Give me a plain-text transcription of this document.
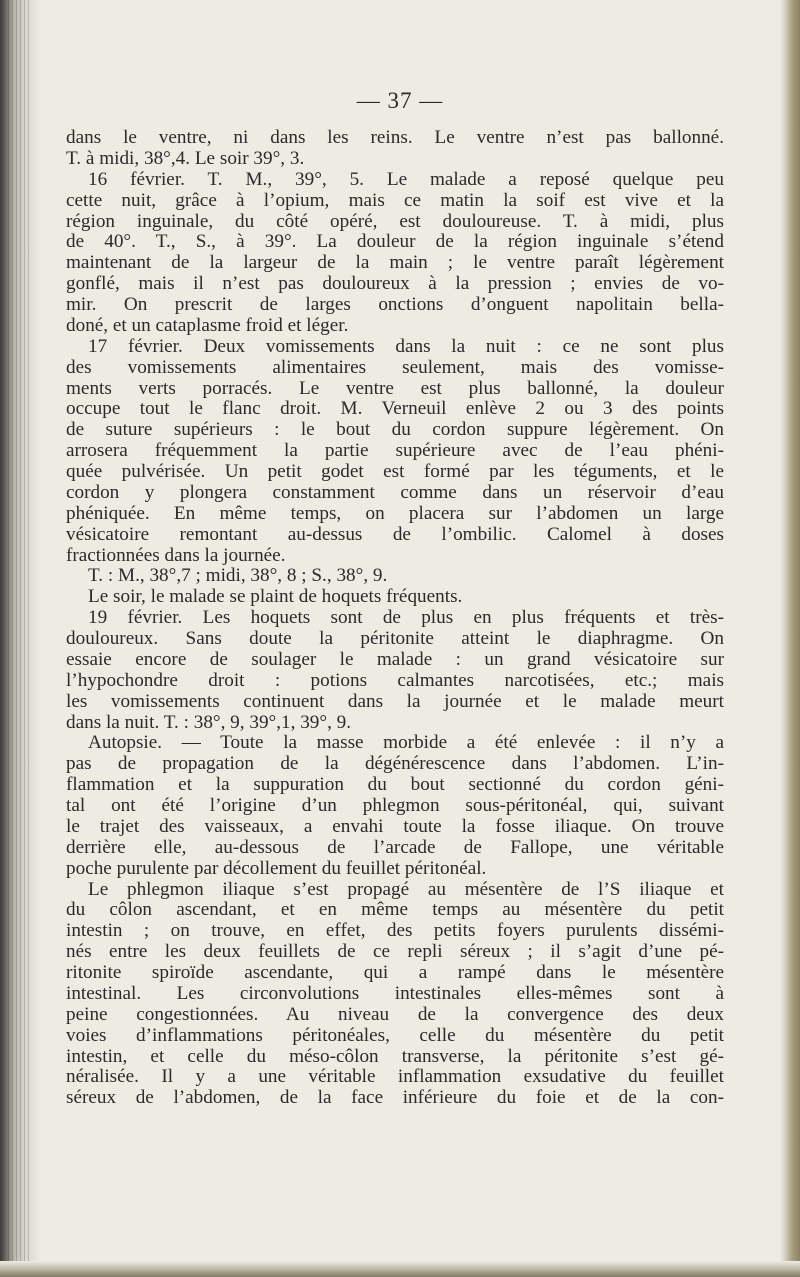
— 37 —
dans le ventre, ni dans les reins. Le ventre n’est pas ballonné.
T. à midi, 38°,4. Le soir 39°, 3.
16 février. T. M., 39°, 5. Le malade a reposé quelque peu
cette nuit, grâce à l’opium, mais ce matin la soif est vive et la
région inguinale, du côté opéré, est douloureuse. T. à midi, plus
de 40°. T., S., à 39°. La douleur de la région inguinale s’étend
maintenant de la largeur de la main ; le ventre paraît légèrement
gonflé, mais il n’est pas douloureux à la pression ; envies de vo-
mir. On prescrit de larges onctions d’onguent napolitain bella-
doné, et un cataplasme froid et léger.
17 février. Deux vomissements dans la nuit : ce ne sont plus
des vomissements alimentaires seulement, mais des vomisse-
ments verts porracés. Le ventre est plus ballonné, la douleur
occupe tout le flanc droit. M. Verneuil enlève 2 ou 3 des points
de suture supérieurs : le bout du cordon suppure légèrement. On
arrosera fréquemment la partie supérieure avec de l’eau phéni-
quée pulvérisée. Un petit godet est formé par les téguments, et le
cordon y plongera constamment comme dans un réservoir d’eau
phéniquée. En même temps, on placera sur l’abdomen un large
vésicatoire remontant au-dessus de l’ombilic. Calomel à doses
fractionnées dans la journée.
T. : M., 38°,7 ; midi, 38°, 8 ; S., 38°, 9.
Le soir, le malade se plaint de hoquets fréquents.
19 février. Les hoquets sont de plus en plus fréquents et très-
douloureux. Sans doute la péritonite atteint le diaphragme. On
essaie encore de soulager le malade : un grand vésicatoire sur
l’hypochondre droit : potions calmantes narcotisées, etc.; mais
les vomissements continuent dans la journée et le malade meurt
dans la nuit. T. : 38°, 9, 39°,1, 39°, 9.
Autopsie. — Toute la masse morbide a été enlevée : il n’y a
pas de propagation de la dégénérescence dans l’abdomen. L’in-
flammation et la suppuration du bout sectionné du cordon géni-
tal ont été l’origine d’un phlegmon sous-péritonéal, qui, suivant
le trajet des vaisseaux, a envahi toute la fosse iliaque. On trouve
derrière elle, au-dessous de l’arcade de Fallope, une véritable
poche purulente par décollement du feuillet péritonéal.
Le phlegmon iliaque s’est propagé au mésentère de l’S iliaque et
du côlon ascendant, et en même temps au mésentère du petit
intestin ; on trouve, en effet, des petits foyers purulents dissémi-
nés entre les deux feuillets de ce repli séreux ; il s’agit d’une pé-
ritonite spiroïde ascendante, qui a rampé dans le mésentère
intestinal. Les circonvolutions intestinales elles-mêmes sont à
peine congestionnées. Au niveau de la convergence des deux
voies d’inflammations péritonéales, celle du mésentère du petit
intestin, et celle du méso-côlon transverse, la péritonite s’est gé-
néralisée. Il y a une véritable inflammation exsudative du feuillet
séreux de l’abdomen, de la face inférieure du foie et de la con-
